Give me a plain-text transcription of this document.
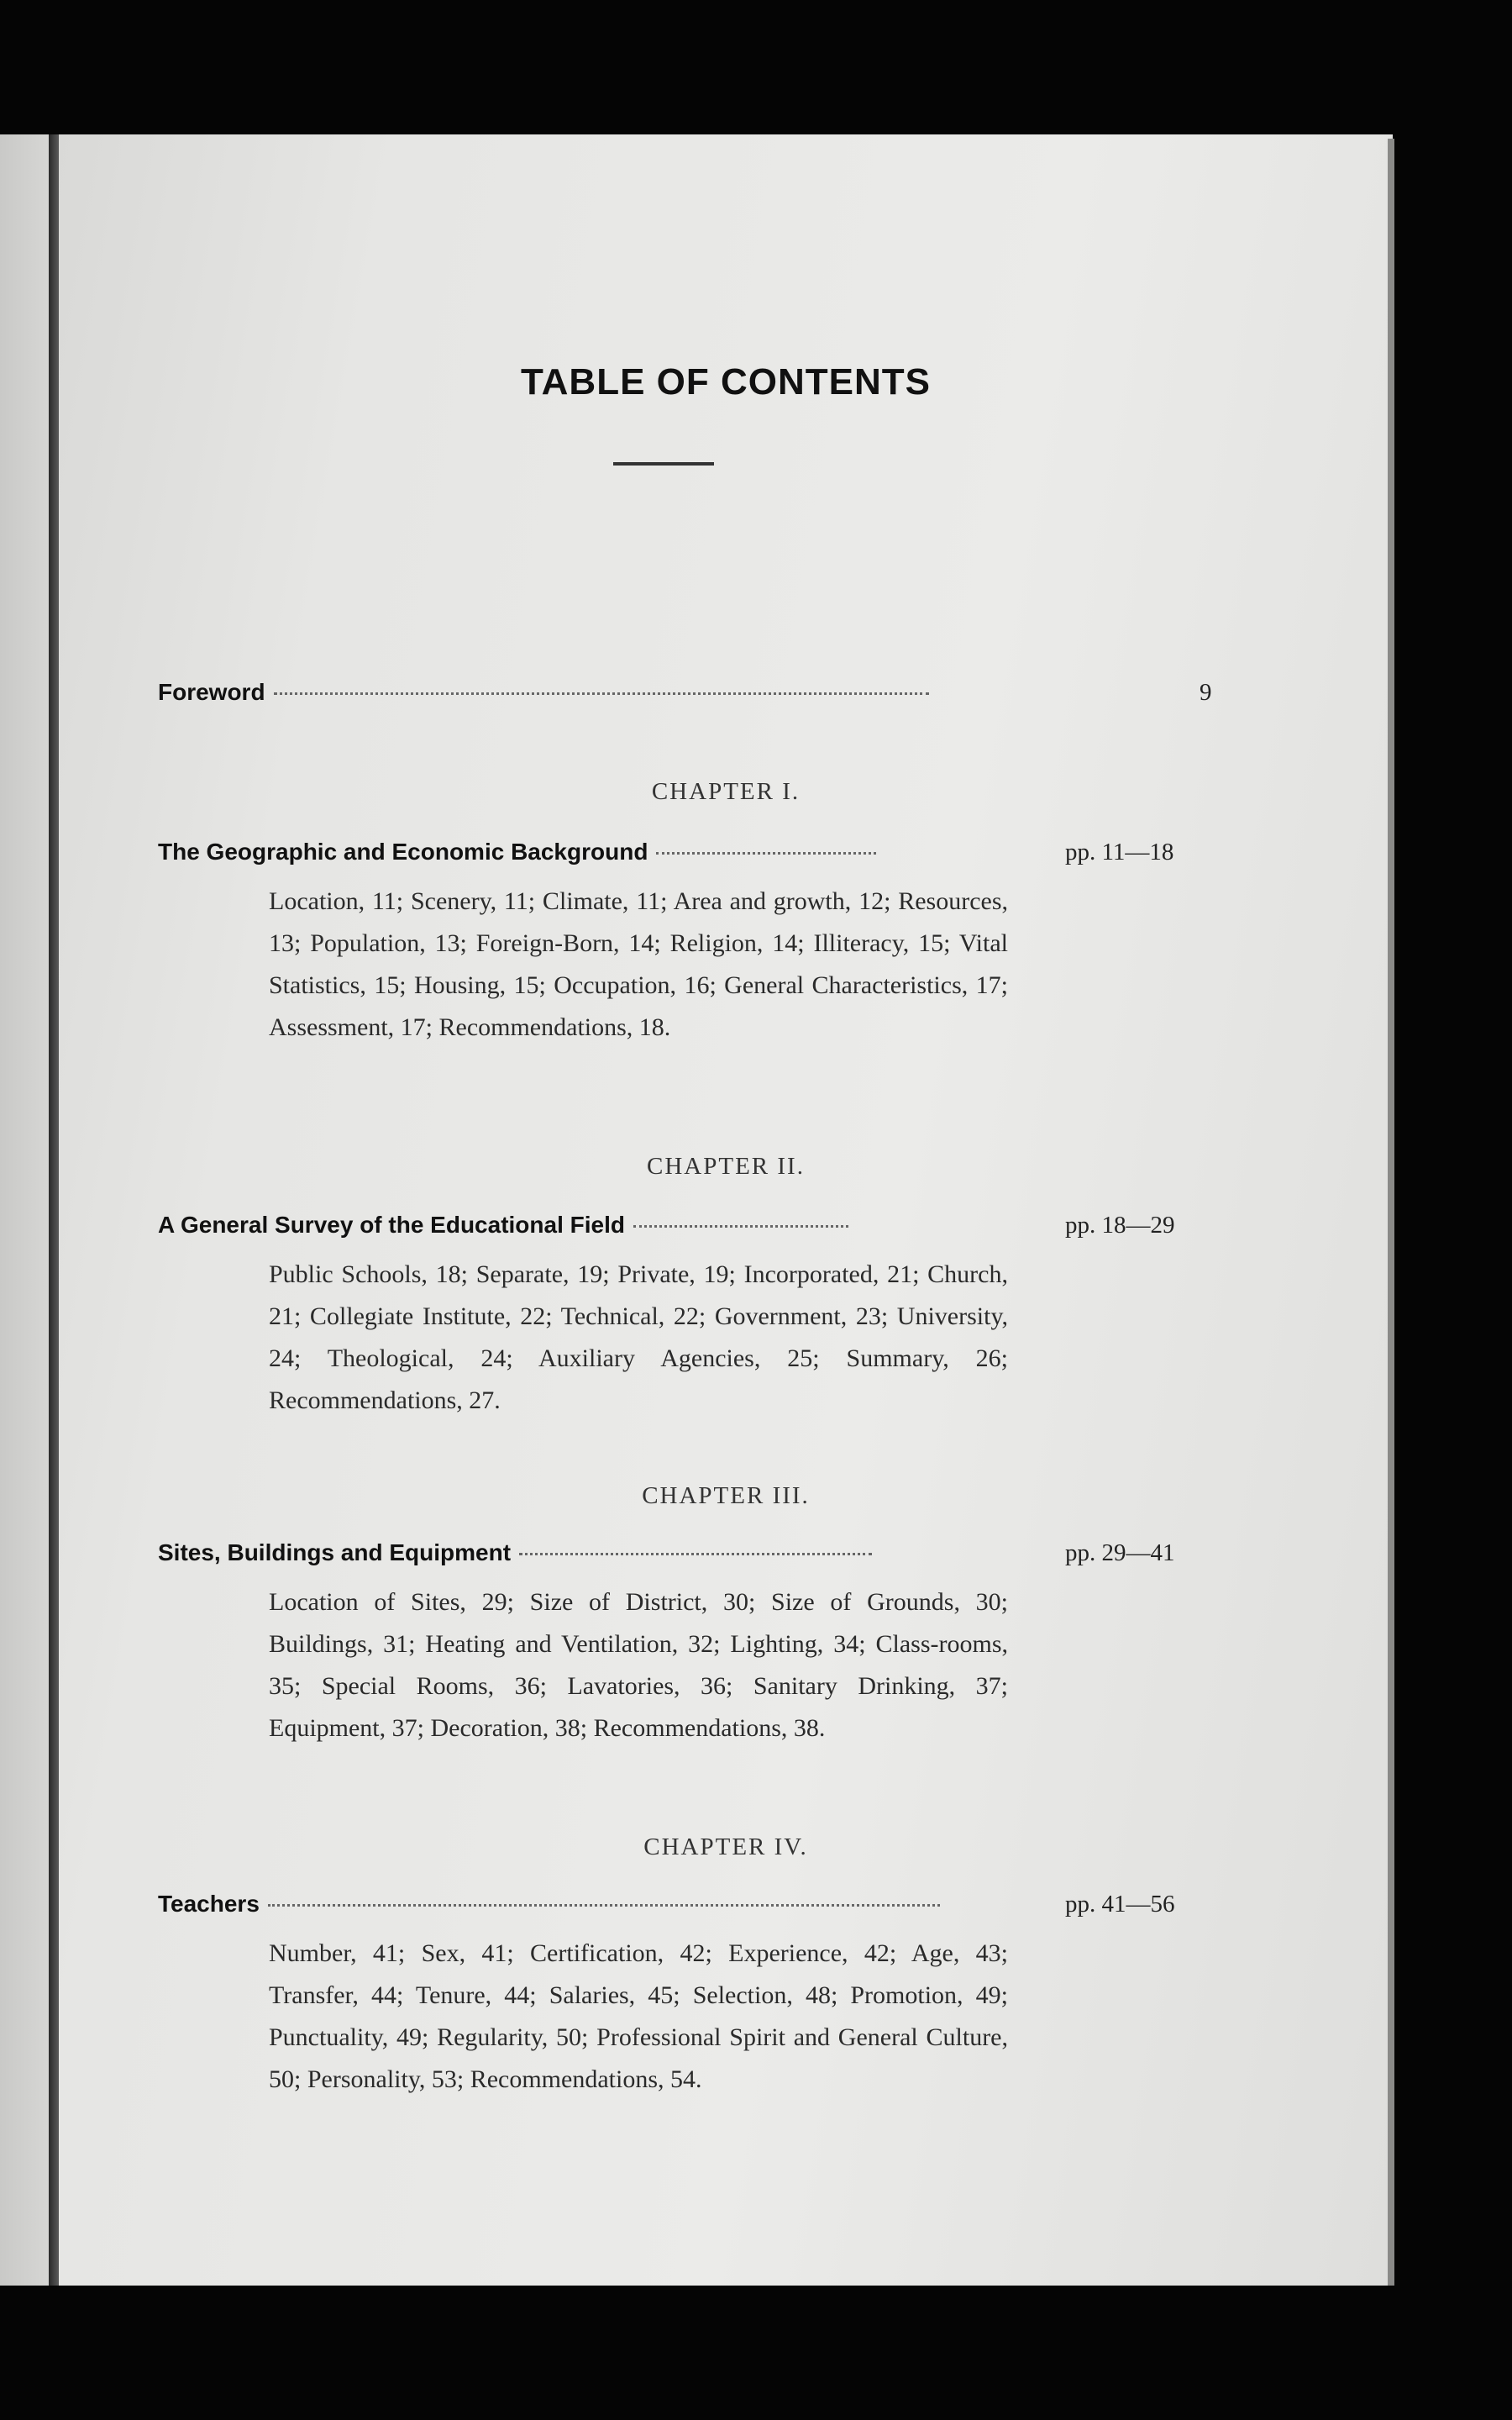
TABLE OF CONTENTS
Foreword	9
CHAPTER I.
The Geographic and Economic Background	pp. 11—18
Location, 11; Scenery, 11; Climate, 11; Area and growth, 12; Resources, 13; Population, 13; Foreign-Born, 14; Religion, 14; Illiteracy, 15; Vital Statistics, 15; Housing, 15; Occupation, 16; General Characteristics, 17; Assessment, 17; Recommendations, 18.
CHAPTER II.
A General Survey of the Educational Field	pp. 18—29
Public Schools, 18; Separate, 19; Private, 19; Incorporated, 21; Church, 21; Collegiate Institute, 22; Technical, 22; Government, 23; University, 24; Theological, 24; Auxiliary Agencies, 25; Summary, 26; Recommendations, 27.
CHAPTER III.
Sites, Buildings and Equipment	pp. 29—41
Location of Sites, 29; Size of District, 30; Size of Grounds, 30; Buildings, 31; Heating and Ventilation, 32; Lighting, 34; Class-rooms, 35; Special Rooms, 36; Lavatories, 36; Sanitary Drinking, 37; Equipment, 37; Decoration, 38; Recommendations, 38.
CHAPTER IV.
Teachers	pp. 41—56
Number, 41; Sex, 41; Certification, 42; Experience, 42; Age, 43; Transfer, 44; Tenure, 44; Salaries, 45; Selection, 48; Promotion, 49; Punctuality, 49; Regularity, 50; Professional Spirit and General Culture, 50; Personality, 53; Recommendations, 54.
